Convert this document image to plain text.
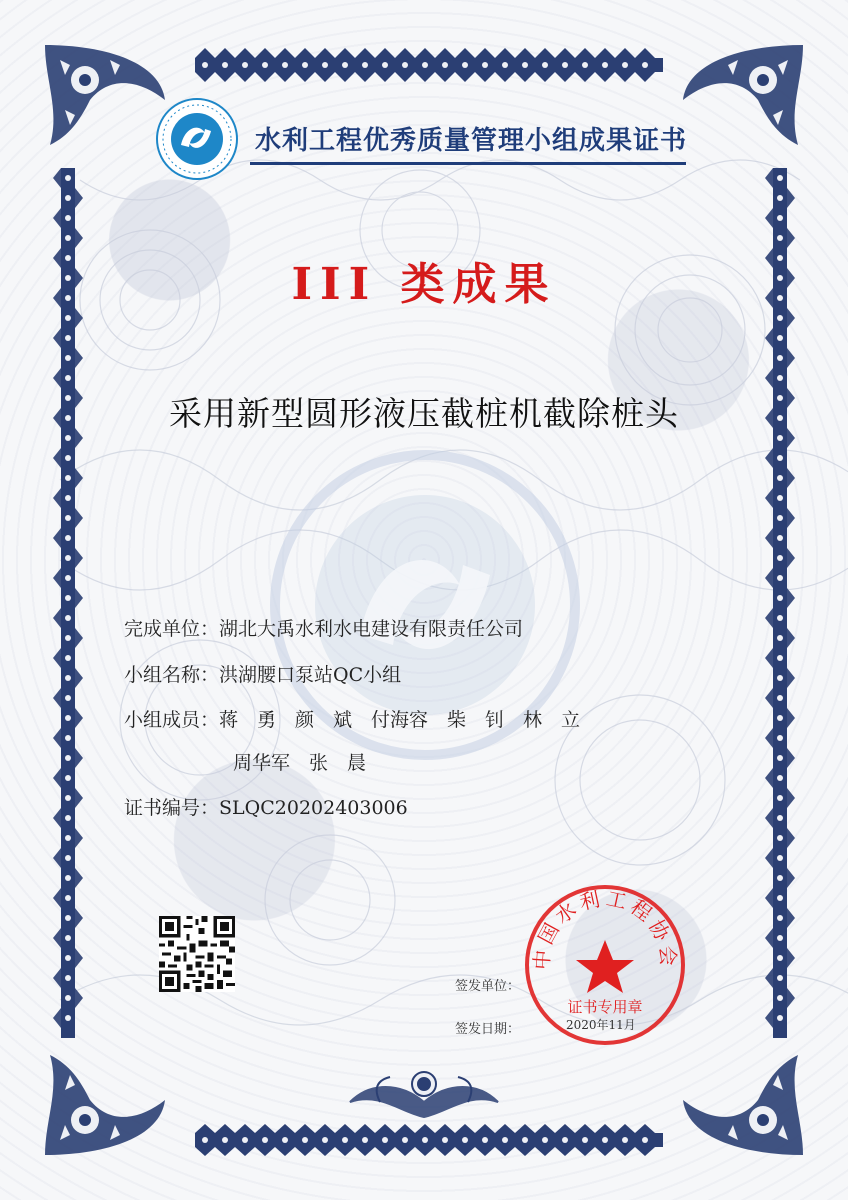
水利工程优秀质量管理小组成果证书
III 类成果
采用新型圆形液压截桩机截除桩头
完成单位：湖北大禹水利水电建设有限责任公司
小组名称：洪湖腰口泵站QC小组
小组成员：蒋　勇　颜　斌　付海容　柴　钊　林　立
周华军　张　晨
证书编号：SLQC20202403006
签发单位：
签发日期：
中国水利工程协会
证书专用章
2020年11月
